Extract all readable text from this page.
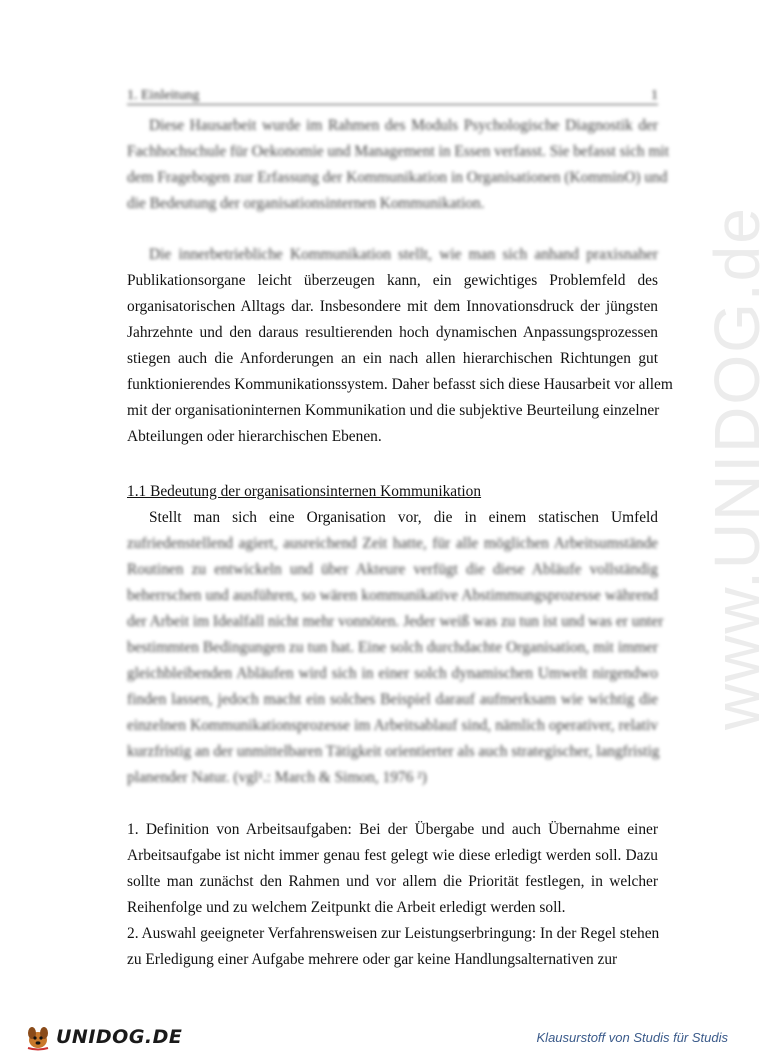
www.UNIDOG.de
1. Einleitung	1
Diese Hausarbeit wurde im Rahmen des Moduls Psychologische Diagnostik der
Fachhochschule für Oekonomie und Management in Essen verfasst. Sie befasst sich mit
dem Fragebogen zur Erfassung der Kommunikation in Organisationen (KomminO) und
die Bedeutung der organisationsinternen Kommunikation.
Die innerbetriebliche Kommunikation stellt, wie man sich anhand praxisnaher
Publikationsorgane leicht überzeugen kann, ein gewichtiges Problemfeld des
organisatorischen Alltags dar. Insbesondere mit dem Innovationsdruck der jüngsten
Jahrzehnte und den daraus resultierenden hoch dynamischen Anpassungsprozessen
stiegen auch die Anforderungen an ein nach allen hierarchischen Richtungen gut
funktionierendes Kommunikationssystem. Daher befasst sich diese Hausarbeit vor allem
mit der organisationinternen Kommunikation und die subjektive Beurteilung einzelner
Abteilungen oder hierarchischen Ebenen.
1.1 Bedeutung der organisationsinternen Kommunikation
Stellt man sich eine Organisation vor, die in einem statischen Umfeld
zufriedenstellend agiert, ausreichend Zeit hatte, für alle möglichen Arbeitsumstände
Routinen zu entwickeln und über Akteure verfügt die diese Abläufe vollständig
beherrschen und ausführen, so wären kommunikative Abstimmungsprozesse während
der Arbeit im Idealfall nicht mehr vonnöten. Jeder weiß was zu tun ist und was er unter
bestimmten Bedingungen zu tun hat. Eine solch durchdachte Organisation, mit immer
gleichbleibenden Abläufen wird sich in einer solch dynamischen Umwelt nirgendwo
finden lassen, jedoch macht ein solches Beispiel darauf aufmerksam wie wichtig die
einzelnen Kommunikationsprozesse im Arbeitsablauf sind, nämlich operativer, relativ
kurzfristig an der unmittelbaren Tätigkeit orientierter als auch strategischer, langfristig
planender Natur. (vgl¹.: March & Simon, 1976 ²)
1. Definition von Arbeitsaufgaben: Bei der Übergabe und auch Übernahme einer
Arbeitsaufgabe ist nicht immer genau fest gelegt wie diese erledigt werden soll. Dazu
sollte man zunächst den Rahmen und vor allem die Priorität festlegen, in welcher
Reihenfolge und zu welchem Zeitpunkt die Arbeit erledigt werden soll.
2. Auswahl geeigneter Verfahrensweisen zur Leistungserbringung: In der Regel stehen
zu Erledigung einer Aufgabe mehrere oder gar keine Handlungsalternativen zur
UNIDOG.DE	Klausurstoff von Studis für Studis
